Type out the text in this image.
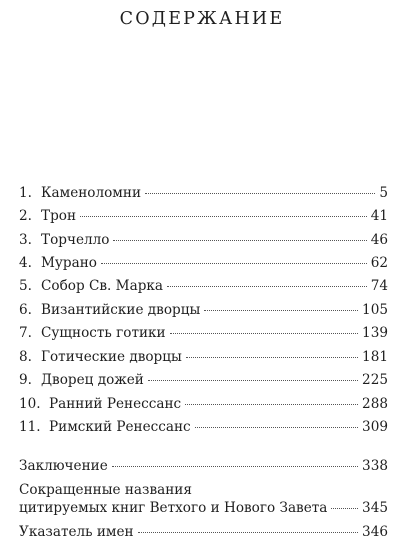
СОДЕРЖАНИЕ
1. Каменоломни	5
2. Трон	41
3. Торчелло	46
4. Мурано	62
5. Собор Св. Марка	74
6. Византийские дворцы	105
7. Сущность готики	139
8. Готические дворцы	181
9. Дворец дожей	225
10. Ранний Ренессанс	288
11. Римский Ренессанс	309
Заключение	338
Сокращенные названия
цитируемых книг Ветхого и Нового Завета	345
Указатель имен	346
